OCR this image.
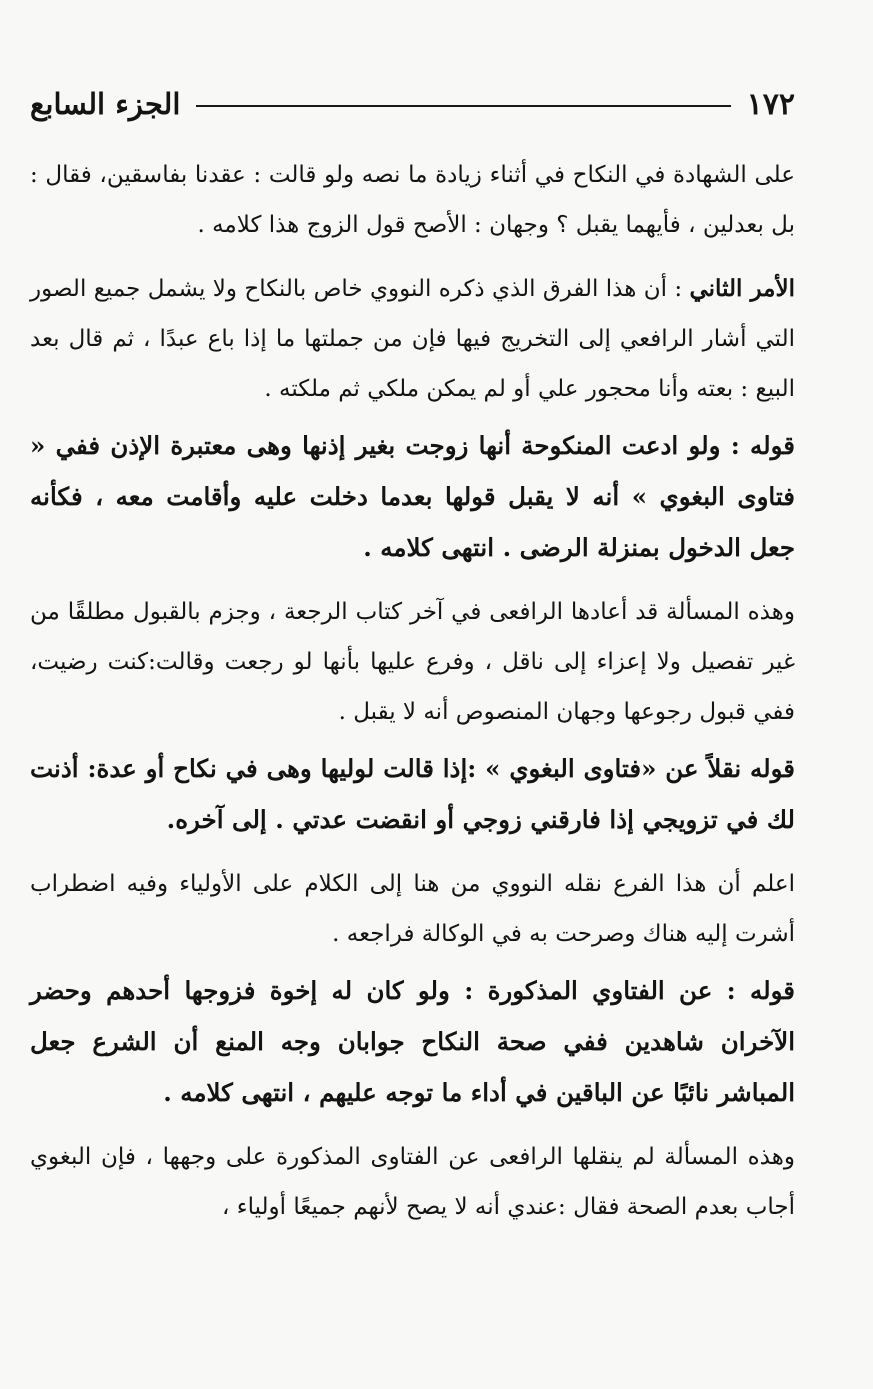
١٧٢
الجزء السابع

على الشهادة في النكاح في أثناء زيادة ما نصه ولو قالت : عقدنا بفاسقين، فقال : بل بعدلين ، فأيهما يقبل ؟ وجهان : الأصح قول الزوج هذا كلامه .

الأمر الثاني : أن هذا الفرق الذي ذكره النووي خاص بالنكاح ولا يشمل جميع الصور التي أشار الرافعي إلى التخريج فيها فإن من جملتها ما إذا باع عبدًا ، ثم قال بعد البيع : بعته وأنا محجور علي أو لم يمكن ملكي ثم ملكته .

قوله : ولو ادعت المنكوحة أنها زوجت بغير إذنها وهى معتبرة الإذن ففي « فتاوى البغوي » أنه لا يقبل قولها بعدما دخلت عليه وأقامت معه ، فكأنه جعل الدخول بمنزلة الرضى . انتهى كلامه .

وهذه المسألة قد أعادها الرافعى في آخر كتاب الرجعة ، وجزم بالقبول مطلقًا من غير تفصيل ولا إعزاء إلى ناقل ، وفرع عليها بأنها لو رجعت وقالت:كنت رضيت، ففي قبول رجوعها وجهان المنصوص أنه لا يقبل .

قوله نقلاً عن «فتاوى البغوي » :إذا قالت لوليها وهى في نكاح أو عدة: أذنت لك في تزويجي إذا فارقني زوجي أو انقضت عدتي . إلى آخره.

اعلم أن هذا الفرع نقله النووي من هنا إلى الكلام على الأولياء وفيه اضطراب أشرت إليه هناك وصرحت به في الوكالة فراجعه .

قوله : عن الفتاوي المذكورة : ولو كان له إخوة فزوجها أحدهم وحضر الآخران شاهدين ففي صحة النكاح جوابان وجه المنع أن الشرع جعل المباشر نائبًا عن الباقين في أداء ما توجه عليهم ، انتهى كلامه .

وهذه المسألة لم ينقلها الرافعى عن الفتاوى المذكورة على وجهها ، فإن البغوي أجاب بعدم الصحة فقال :عندي أنه لا يصح لأنهم جميعًا أولياء ،
